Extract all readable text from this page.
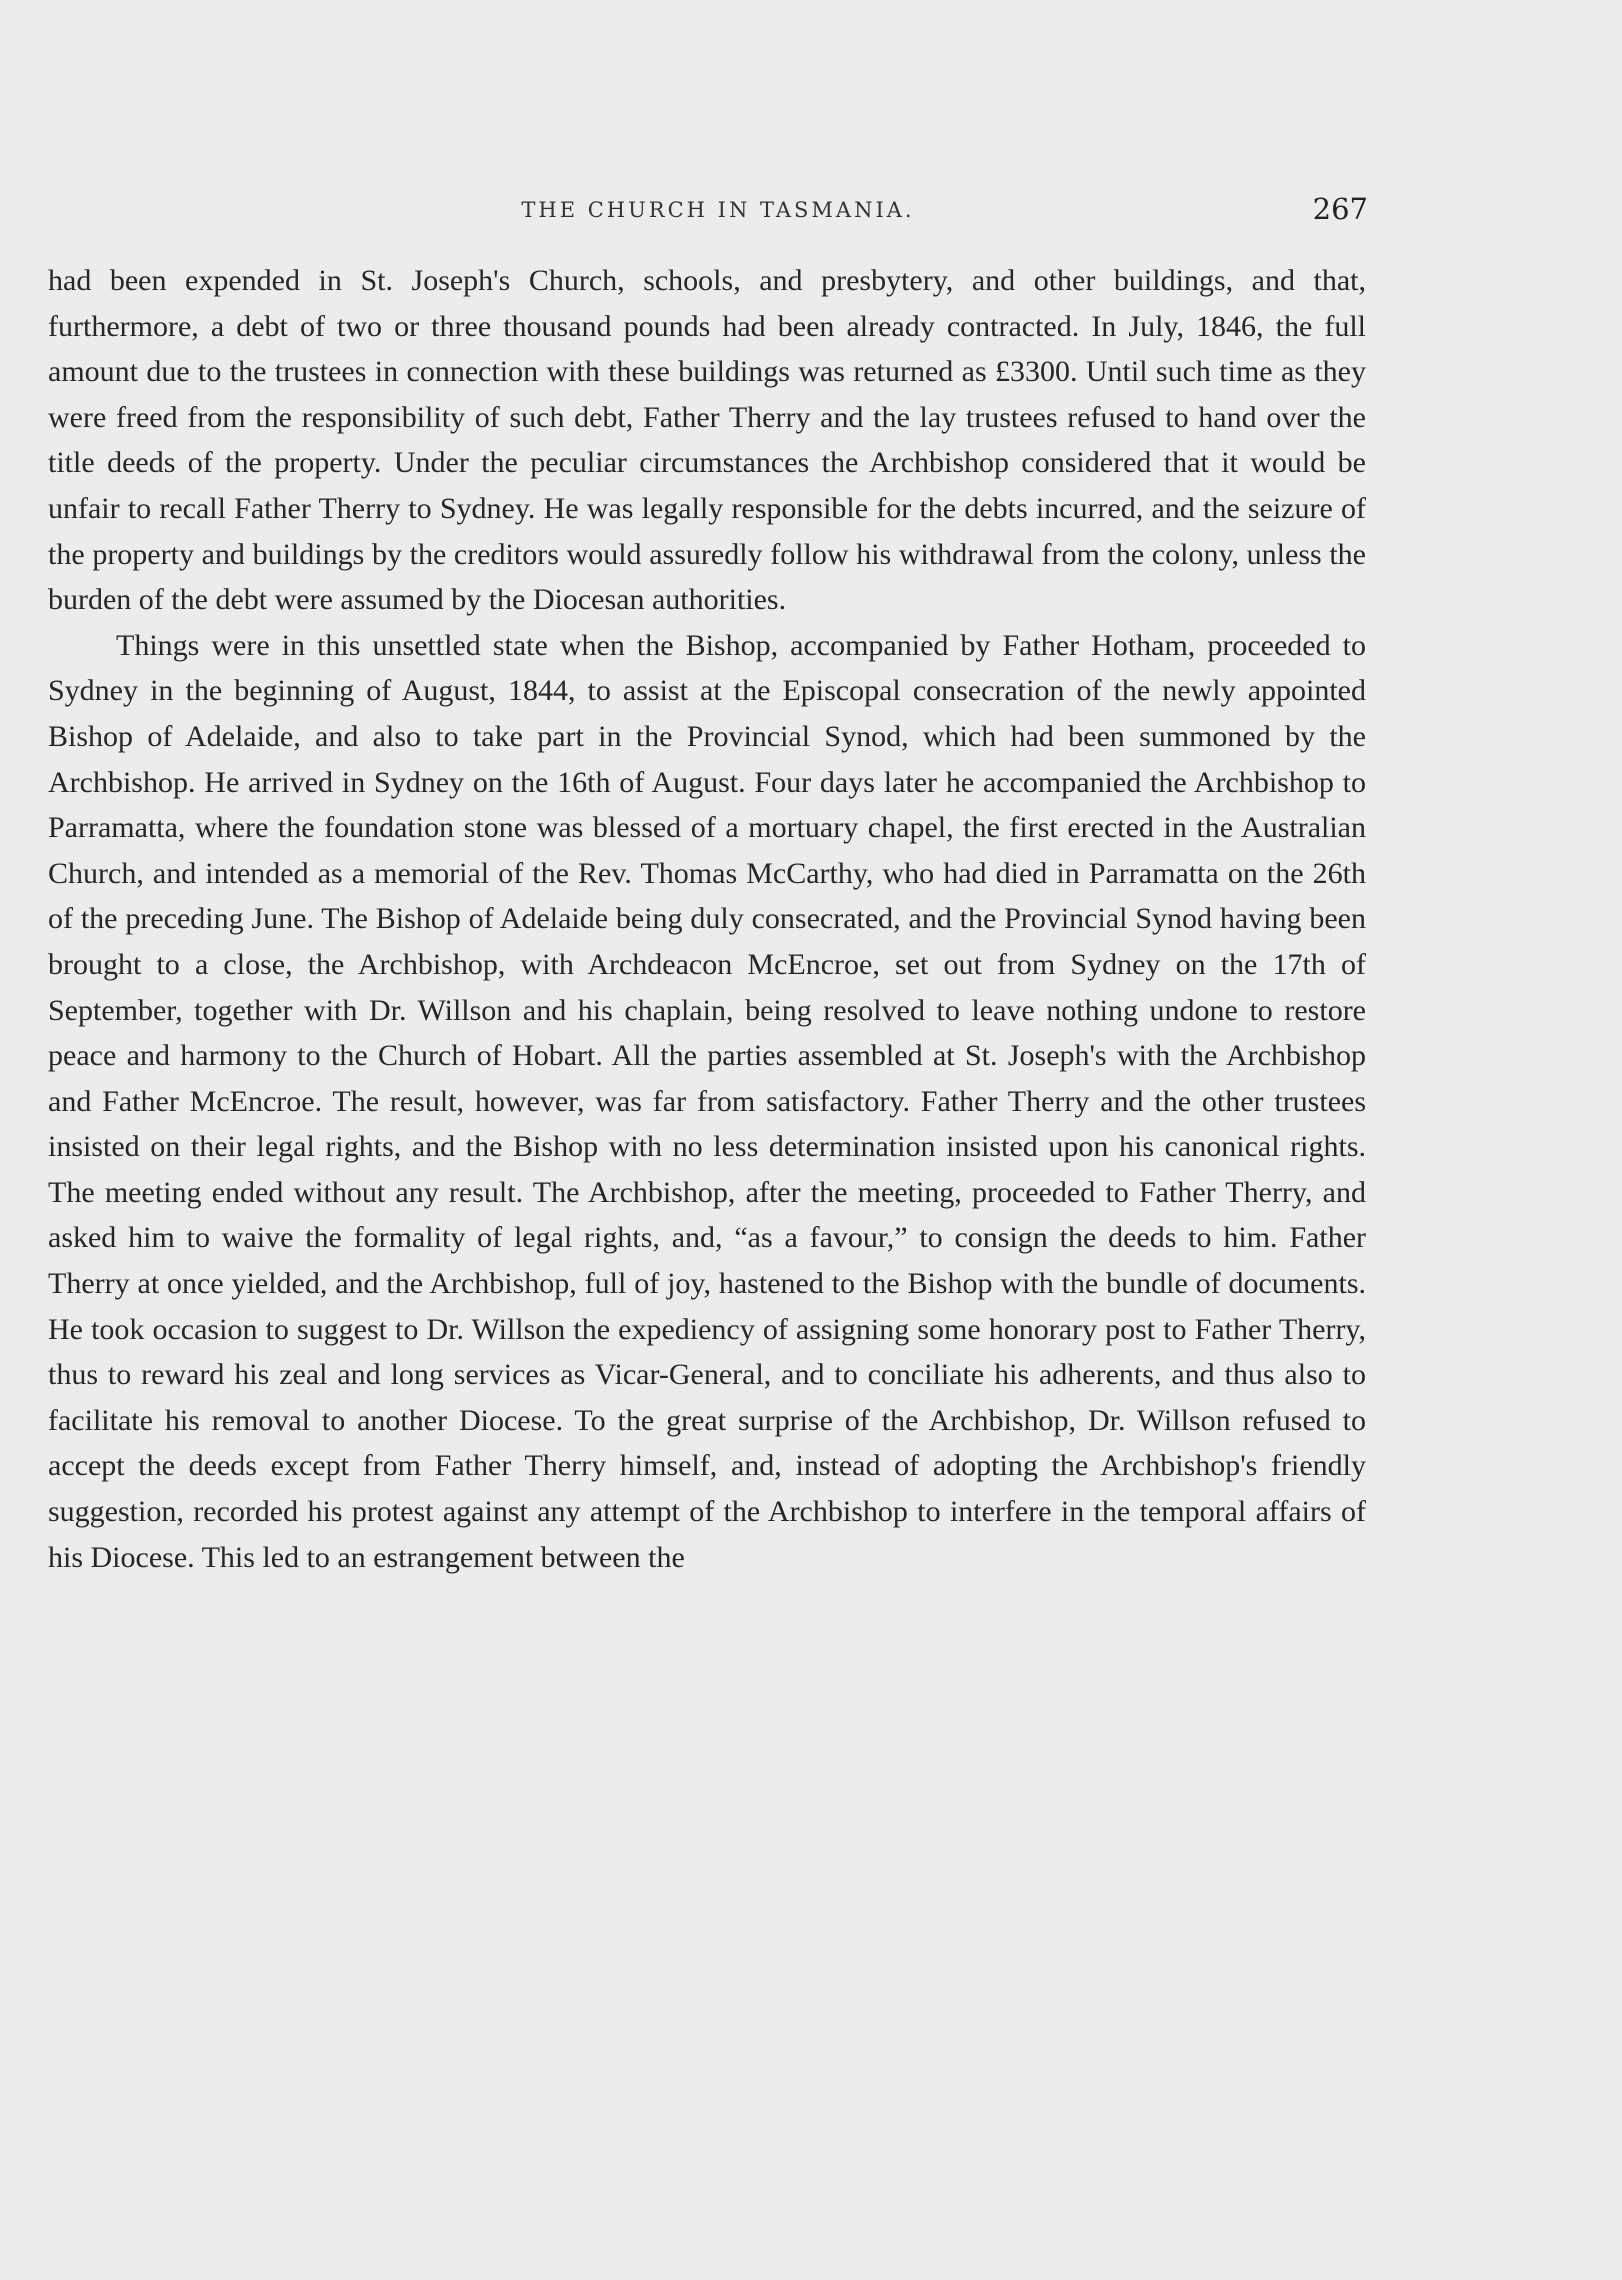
THE CHURCH IN TASMANIA.	267

had been expended in St. Joseph's Church, schools, and presbytery, and other buildings, and that, furthermore, a debt of two or three thousand pounds had been already contracted. In July, 1846, the full amount due to the trustees in connection with these buildings was returned as £3300. Until such time as they were freed from the responsibility of such debt, Father Therry and the lay trustees refused to hand over the title deeds of the property. Under the peculiar circumstances the Archbishop considered that it would be unfair to recall Father Therry to Sydney. He was legally responsible for the debts incurred, and the seizure of the property and buildings by the creditors would assuredly follow his withdrawal from the colony, unless the burden of the debt were assumed by the Diocesan authorities.

Things were in this unsettled state when the Bishop, accompanied by Father Hotham, proceeded to Sydney in the beginning of August, 1844, to assist at the Episcopal consecration of the newly appointed Bishop of Adelaide, and also to take part in the Provincial Synod, which had been summoned by the Archbishop. He arrived in Sydney on the 16th of August. Four days later he accompanied the Archbishop to Parramatta, where the foundation stone was blessed of a mortuary chapel, the first erected in the Australian Church, and intended as a memorial of the Rev. Thomas McCarthy, who had died in Parramatta on the 26th of the preceding June. The Bishop of Adelaide being duly consecrated, and the Provincial Synod having been brought to a close, the Archbishop, with Archdeacon McEncroe, set out from Sydney on the 17th of September, together with Dr. Willson and his chaplain, being resolved to leave nothing undone to restore peace and harmony to the Church of Hobart. All the parties assembled at St. Joseph's with the Archbishop and Father McEncroe. The result, however, was far from satisfactory. Father Therry and the other trustees insisted on their legal rights, and the Bishop with no less determination insisted upon his canonical rights. The meeting ended without any result. The Archbishop, after the meeting, proceeded to Father Therry, and asked him to waive the formality of legal rights, and, “as a favour,” to consign the deeds to him. Father Therry at once yielded, and the Archbishop, full of joy, hastened to the Bishop with the bundle of documents. He took occasion to suggest to Dr. Willson the expediency of assigning some honorary post to Father Therry, thus to reward his zeal and long services as Vicar-General, and to conciliate his adherents, and thus also to facilitate his removal to another Diocese. To the great surprise of the Archbishop, Dr. Willson refused to accept the deeds except from Father Therry himself, and, instead of adopting the Archbishop's friendly suggestion, recorded his protest against any attempt of the Archbishop to interfere in the temporal affairs of his Diocese. This led to an estrangement between the
